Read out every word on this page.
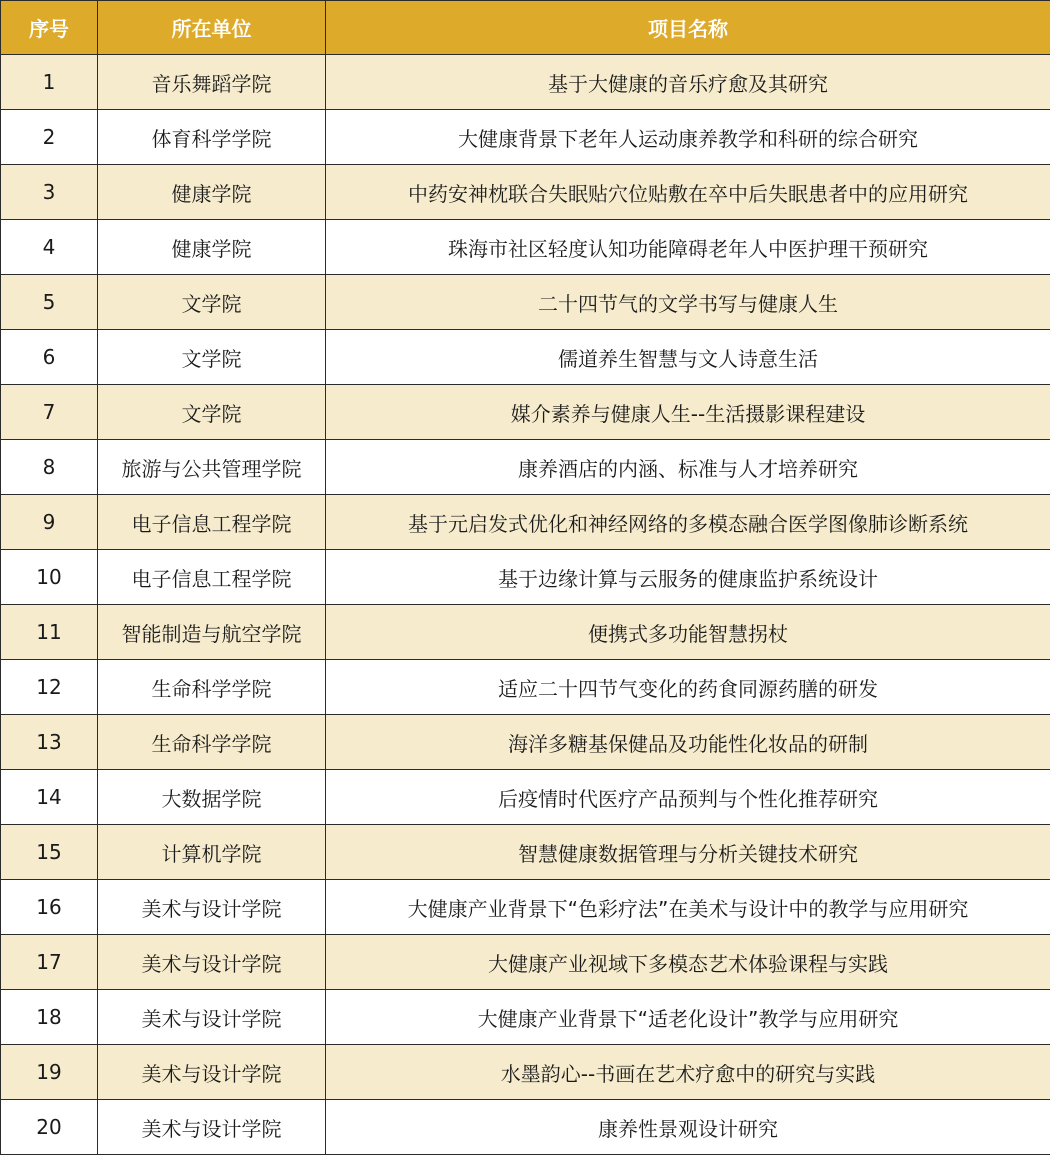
序号	所在单位	项目名称
1	音乐舞蹈学院	基于大健康的音乐疗愈及其研究
2	体育科学学院	大健康背景下老年人运动康养教学和科研的综合研究
3	健康学院	中药安神枕联合失眠贴穴位贴敷在卒中后失眠患者中的应用研究
4	健康学院	珠海市社区轻度认知功能障碍老年人中医护理干预研究
5	文学院	二十四节气的文学书写与健康人生
6	文学院	儒道养生智慧与文人诗意生活
7	文学院	媒介素养与健康人生--生活摄影课程建设
8	旅游与公共管理学院	康养酒店的内涵、标准与人才培养研究
9	电子信息工程学院	基于元启发式优化和神经网络的多模态融合医学图像肺诊断系统
10	电子信息工程学院	基于边缘计算与云服务的健康监护系统设计
11	智能制造与航空学院	便携式多功能智慧拐杖
12	生命科学学院	适应二十四节气变化的药食同源药膳的研发
13	生命科学学院	海洋多糖基保健品及功能性化妆品的研制
14	大数据学院	后疫情时代医疗产品预判与个性化推荐研究
15	计算机学院	智慧健康数据管理与分析关键技术研究
16	美术与设计学院	大健康产业背景下“色彩疗法”在美术与设计中的教学与应用研究
17	美术与设计学院	大健康产业视域下多模态艺术体验课程与实践
18	美术与设计学院	大健康产业背景下“适老化设计”教学与应用研究
19	美术与设计学院	水墨韵心--书画在艺术疗愈中的研究与实践
20	美术与设计学院	康养性景观设计研究
